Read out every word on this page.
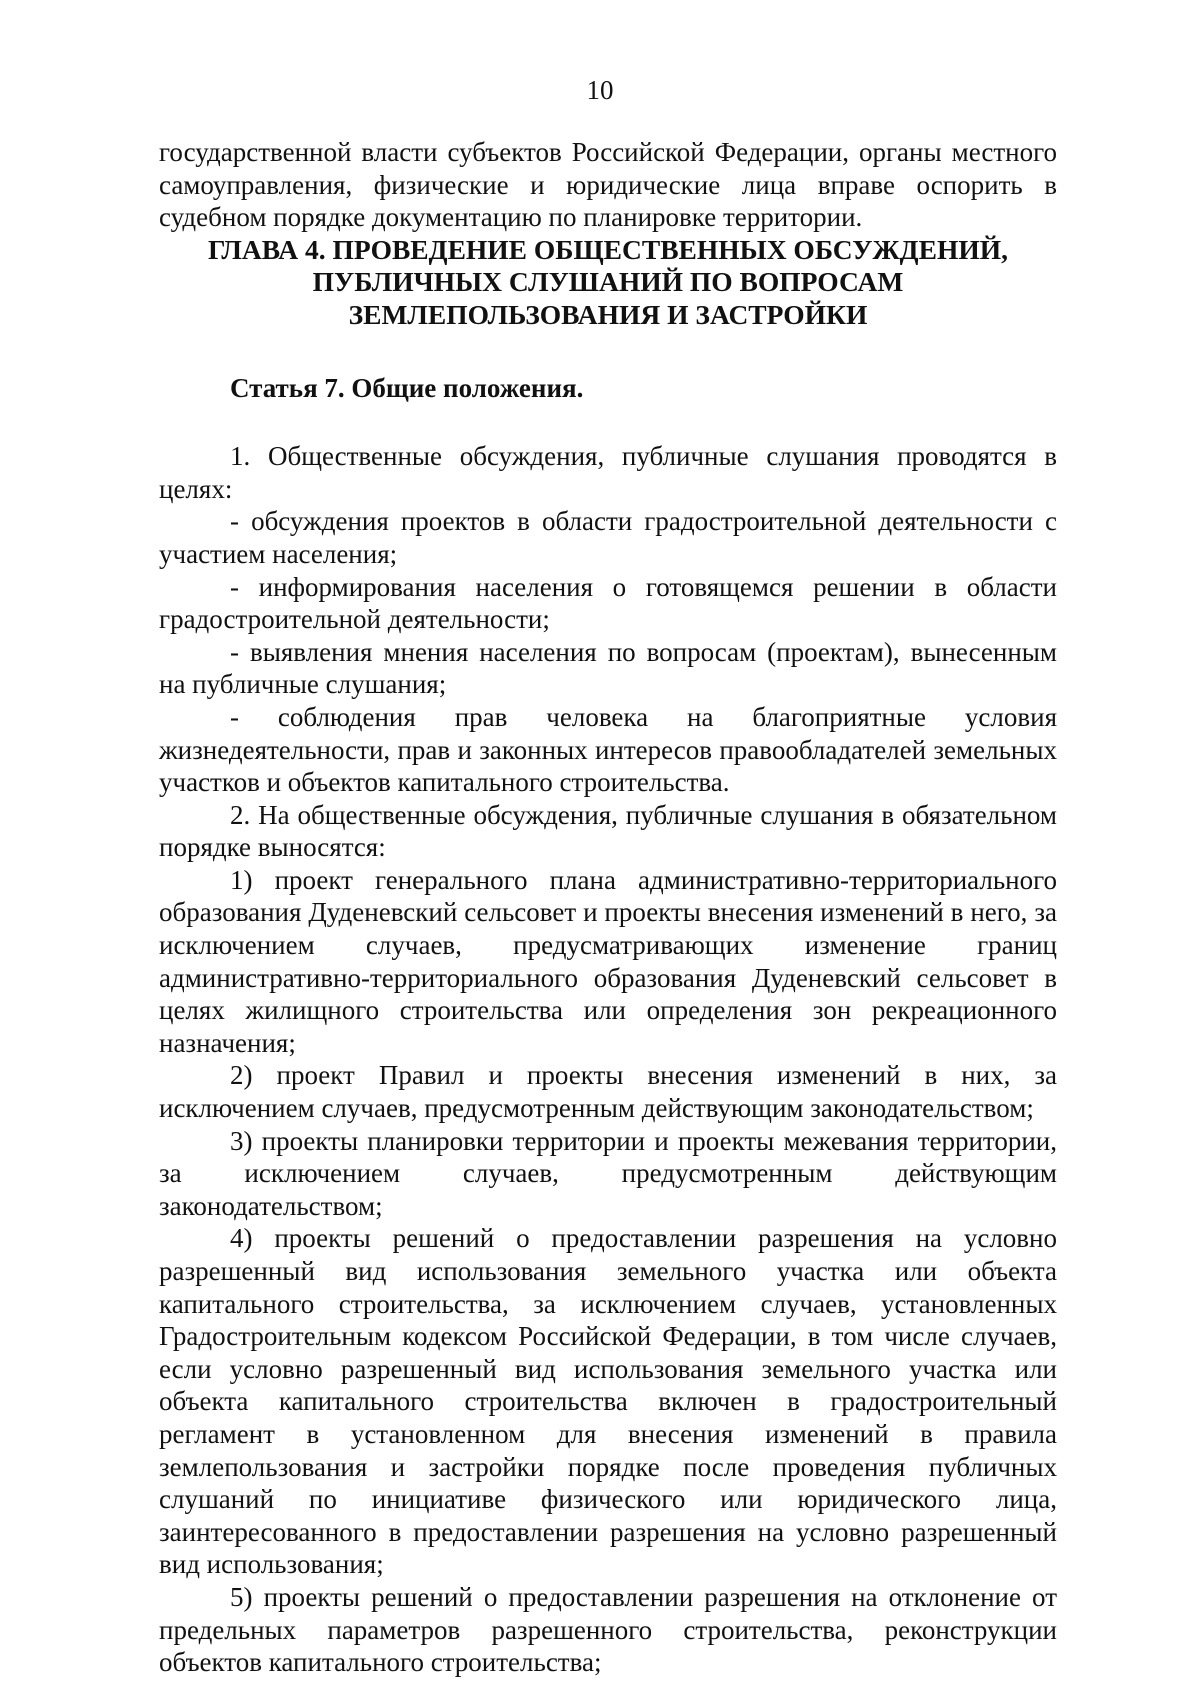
10

государственной власти субъектов Российской Федерации, органы местного самоуправления, физические и юридические лица вправе оспорить в судебном порядке документацию по планировке территории.

ГЛАВА 4. ПРОВЕДЕНИЕ ОБЩЕСТВЕННЫХ ОБСУЖДЕНИЙ, ПУБЛИЧНЫХ СЛУШАНИЙ ПО ВОПРОСАМ ЗЕМЛЕПОЛЬЗОВАНИЯ И ЗАСТРОЙКИ

Статья 7. Общие положения.

1. Общественные обсуждения, публичные слушания проводятся в целях:

- обсуждения проектов в области градостроительной деятельности с участием населения;

- информирования населения о готовящемся решении в области градостроительной деятельности;

- выявления мнения населения по вопросам (проектам), вынесенным на публичные слушания;

- соблюдения прав человека на благоприятные условия жизнедеятельности, прав и законных интересов правообладателей земельных участков и объектов капитального строительства.

2. На общественные обсуждения, публичные слушания в обязательном порядке выносятся:

1) проект генерального плана административно-территориального образования Дуденевский сельсовет и проекты внесения изменений в него, за исключением случаев, предусматривающих изменение границ административно-территориального образования Дуденевский сельсовет в целях жилищного строительства или определения зон рекреационного назначения;

2) проект Правил и проекты внесения изменений в них, за исключением случаев, предусмотренным действующим законодательством;

3) проекты планировки территории и проекты межевания территории, за исключением случаев, предусмотренным действующим законодательством;

4) проекты решений о предоставлении разрешения на условно разрешенный вид использования земельного участка или объекта капитального строительства, за исключением случаев, установленных Градостроительным кодексом Российской Федерации, в том числе случаев, если условно разрешенный вид использования земельного участка или объекта капитального строительства включен в градостроительный регламент в установленном для внесения изменений в правила землепользования и застройки порядке после проведения публичных слушаний по инициативе физического или юридического лица, заинтересованного в предоставлении разрешения на условно разрешенный вид использования;

5) проекты решений о предоставлении разрешения на отклонение от предельных параметров разрешенного строительства, реконструкции объектов капитального строительства;
